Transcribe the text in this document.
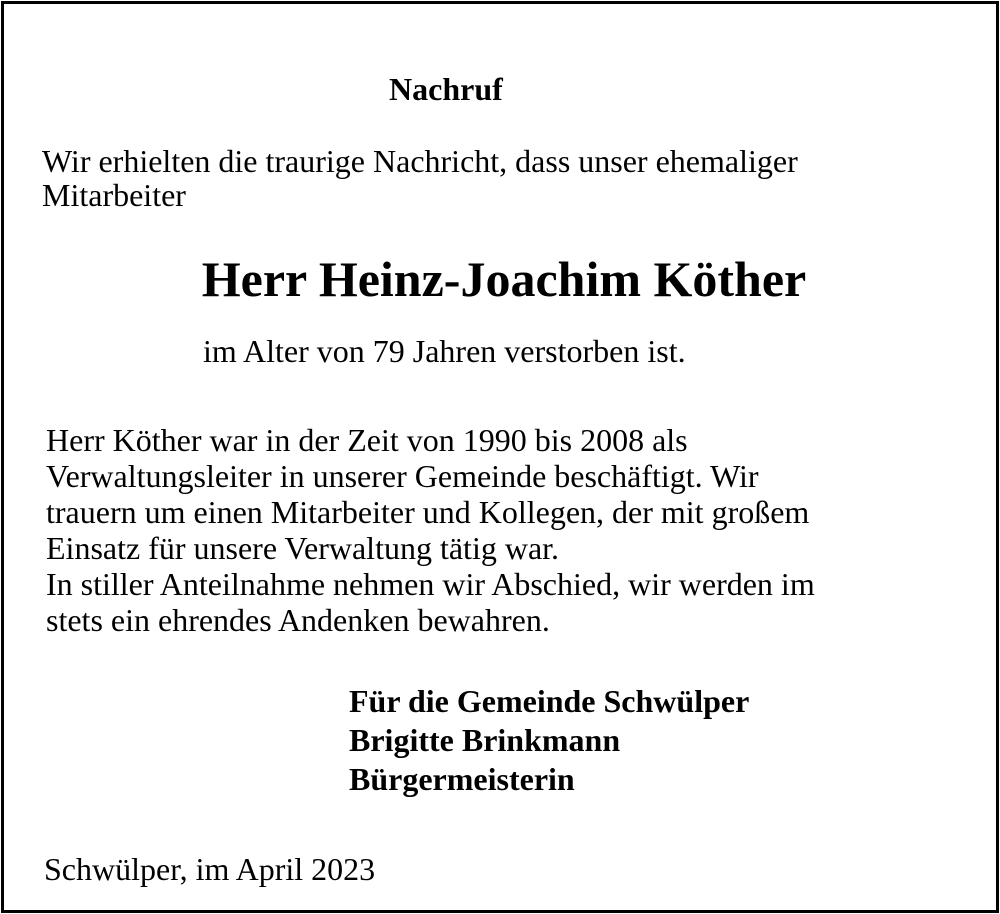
Nachruf
Wir erhielten die traurige Nachricht, dass unser ehemaliger
Mitarbeiter
Herr Heinz-Joachim Köther
im Alter von 79 Jahren verstorben ist.
Herr Köther war in der Zeit von 1990 bis 2008 als
Verwaltungsleiter in unserer Gemeinde beschäftigt. Wir
trauern um einen Mitarbeiter und Kollegen, der mit großem
Einsatz für unsere Verwaltung tätig war.
In stiller Anteilnahme nehmen wir Abschied, wir werden im
stets ein ehrendes Andenken bewahren.
Für die Gemeinde Schwülper
Brigitte Brinkmann
Bürgermeisterin
Schwülper, im April 2023
